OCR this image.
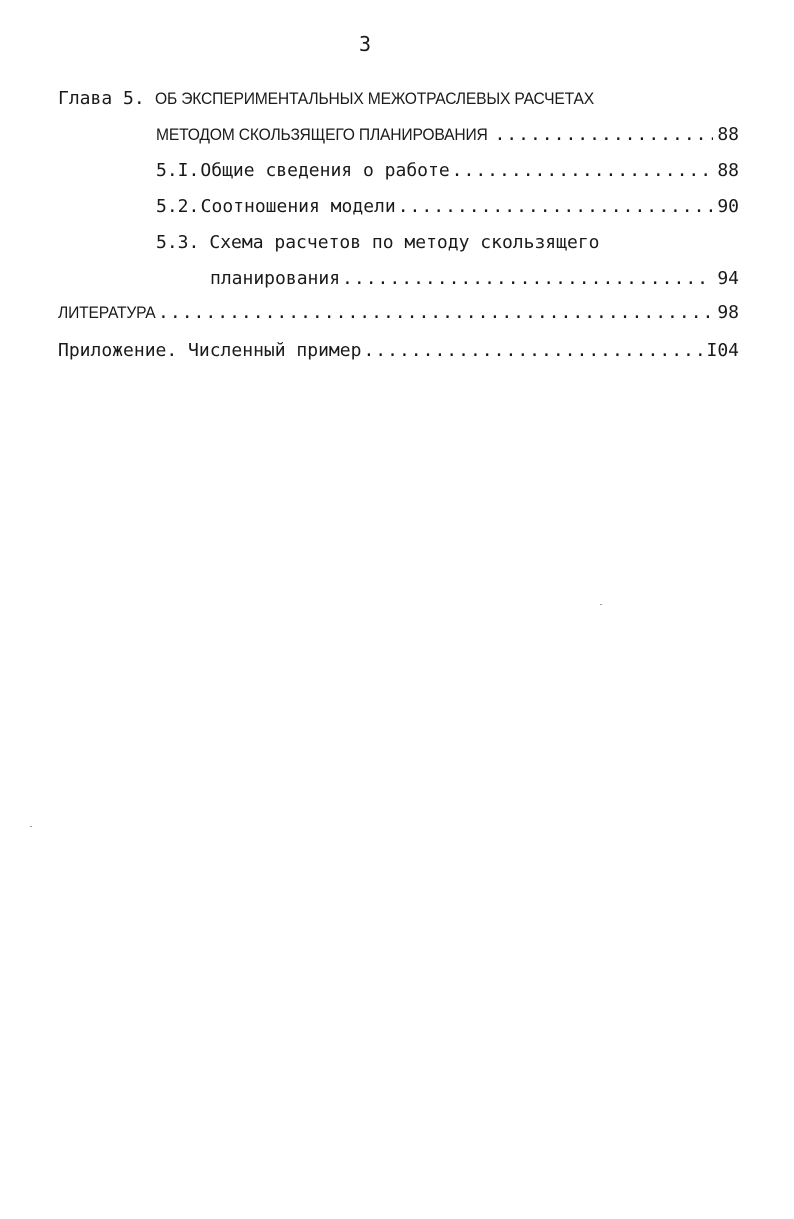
3
Глава 5. ОБ ЭКСПЕРИМЕНТАЛЬНЫХ МЕЖОТРАСЛЕВЫХ РАСЧЕТАХ
МЕТОДОМ СКОЛЬЗЯЩЕГО ПЛАНИРОВАНИЯ .....	88
5.I. Общие сведения о работе .....	88
5.2. Соотношения модели .....	90
5.3. Схема расчетов по методу скользящего
планирования .....	94
ЛИТЕРАТУРА .....	98
Приложение. Численный пример .....	I04
